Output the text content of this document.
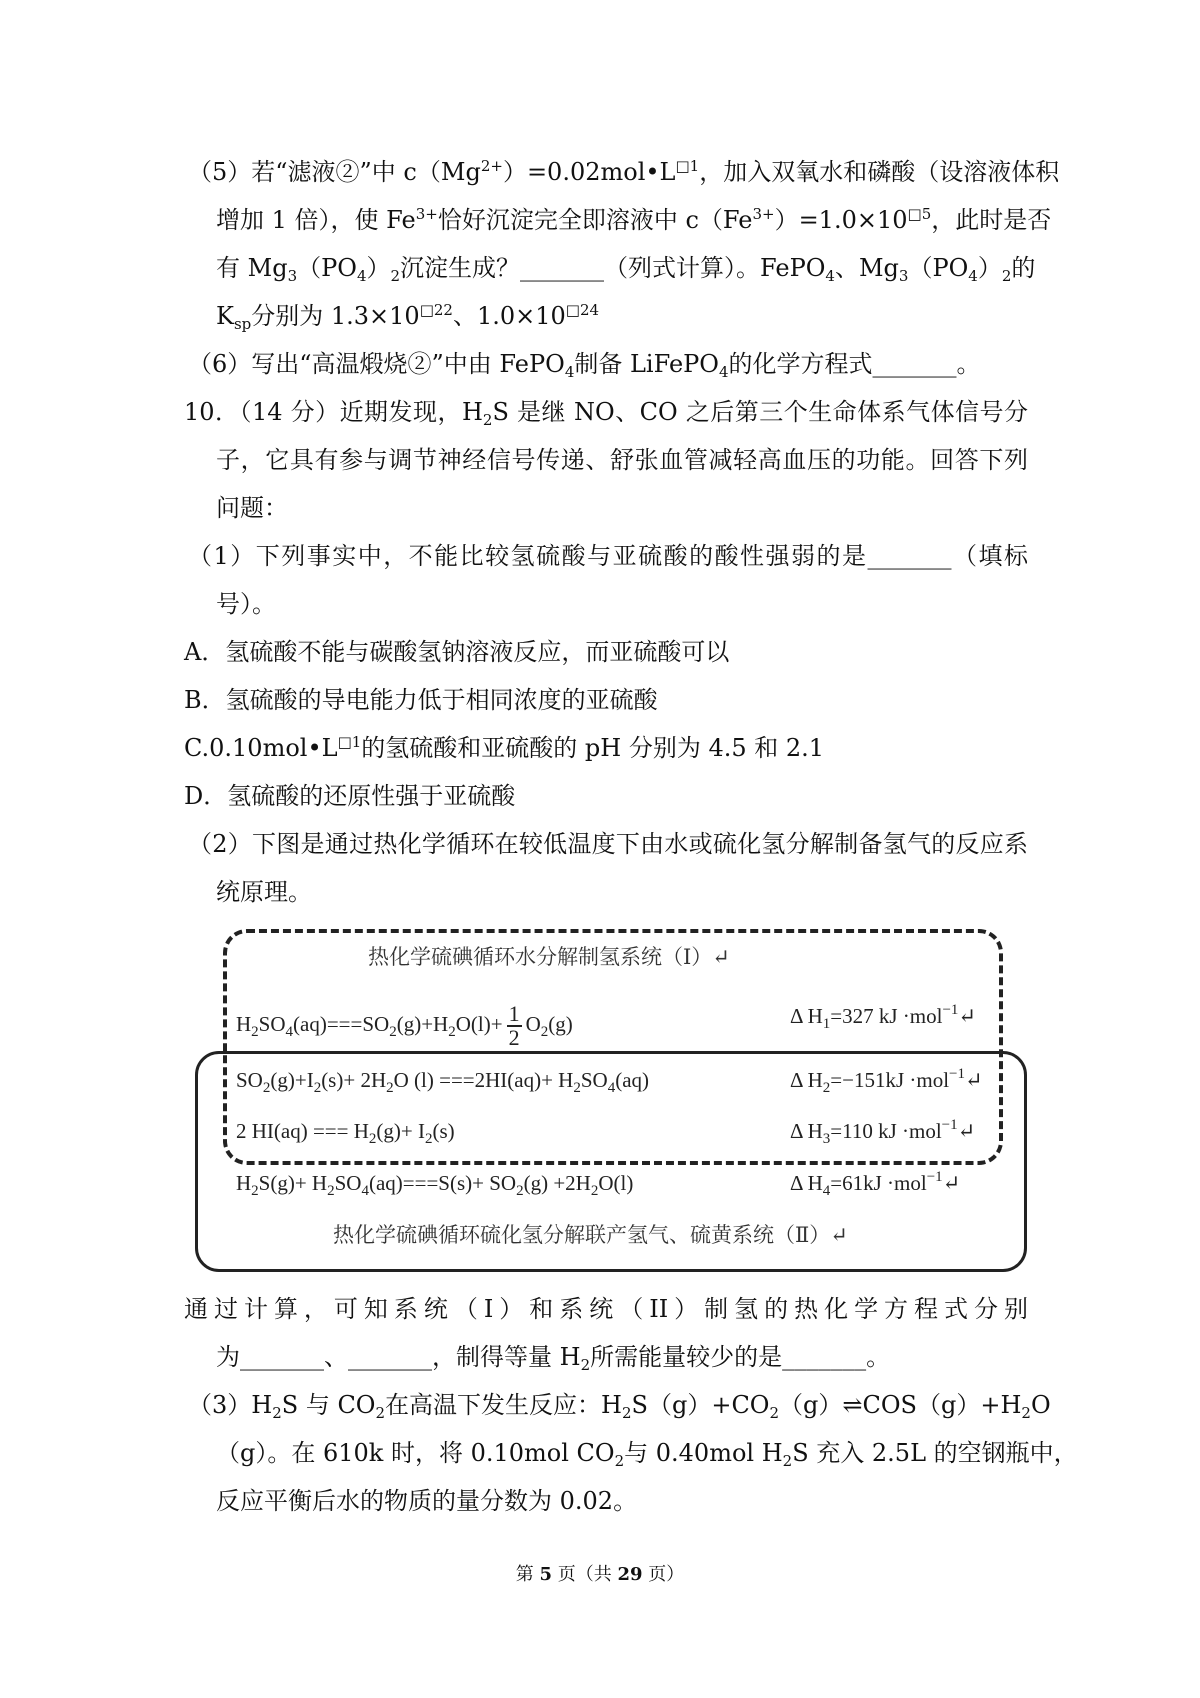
（5）若“滤液②”中 $c(Mg^{2+})=0.02mol•L^{□1}$，加入双氧水和磷酸（设溶液体积
增加 1 倍），使 $Fe^{3+}$恰好沉淀完全即溶液中 $c(Fe^{3+})=1.0\times 10^{□5}$，此时是否
有 $Mg_3(PO_4)_2$沉淀生成？_______（列式计算）。FePO$_4$、$Mg_3(PO_4)_2$的
$K_{sp}$分别为 $1.3\times 10^{□22}$、$1.0\times 10^{□24}$
（6）写出“高温煅烧②”中由 FePO$_4$制备 LiFePO$_4$的化学方程式_______。
10．（14 分）近期发现，$H_2S$ 是继 NO、CO 之后第三个生命体系气体信号分
子，它具有参与调节神经信号传递、舒张血管减轻高血压的功能。回答下列
问题：
（1）下列事实中，不能比较氢硫酸与亚硫酸的酸性强弱的是_______（填标
号）。
A．氢硫酸不能与碳酸氢钠溶液反应，而亚硫酸可以
B．氢硫酸的导电能力低于相同浓度的亚硫酸
$C.0.10mol•L^{□1}$的氢硫酸和亚硫酸的 pH 分别为 4.5 和 2.1
D．氢硫酸的还原性强于亚硫酸
（2）下图是通过热化学循环在较低温度下由水或硫化氢分解制备氢气的反应系
统原理。
热化学硫碘循环水分解制氢系统（Ⅰ）↵
$H_2SO_4(aq)===SO_2(g)+H_2O(l)+ \frac{1}{2} O_2(g)$	Δ $H_1=327$ kJ ·mol$^{-1}$↵
$SO_2(g)+I_2(s)+ 2H_2O$ $(l) ===2HI(aq)+ H_2SO_4(aq)$	Δ $H_2=-151kJ$ ·mol$^{-1}$↵
2 HI(aq) === $H_2(g)+ I_2(s)$	Δ $H_3=110$ kJ ·mol$^{-1}$↵
$H_2S(g)+ H_2SO_4(aq)===S(s)+ SO_2(g) +2H_2O(l)$	Δ $H_4=61kJ$ ·mol$^{-1}$↵
热化学硫碘循环硫化氢分解联产氢气、硫黄系统（Ⅱ）↵
通过计算，可知系统（I）和系统（II）制氢的热化学方程式分别
为_______、_______，制得等量 $H_2$所需能量较少的是_______。
$(3)H_2S$ 与 $CO_2$在高温下发生反应：$H_2S(g)+CO_2(g)\rightleftharpoons COS(g)+H_2O$
（g）。在 610k 时，将 0.10mol $CO_2$与 0.40mol $H_2S$ 充入 2.5L 的空钢瓶中，
反应平衡后水的物质的量分数为 0.02。
第 5 页（共 29 页）
